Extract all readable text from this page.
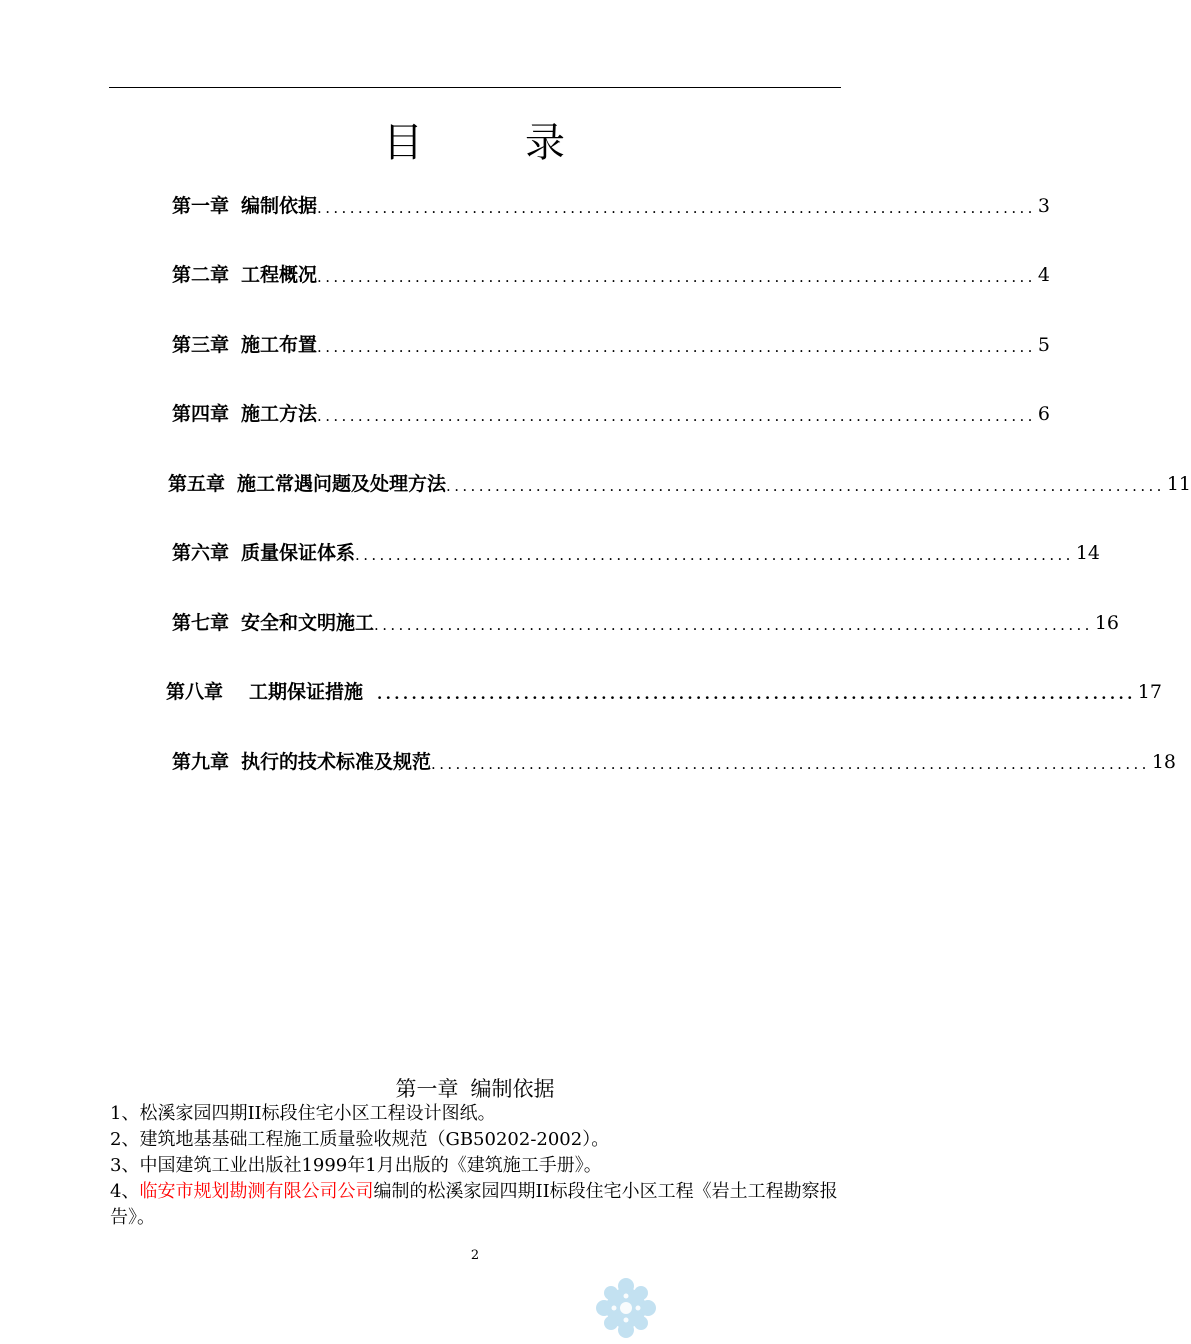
目	录
第一章 编制依据 ........................................................................................ 3
第二章 工程概况 ........................................................................................ 4
第三章 施工布置 ........................................................................................ 5
第四章 施工方法 ........................................................................................ 6
第五章 施工常遇问题及处理方法 ........................................................................................ 11
第六章 质量保证体系 ........................................................................................ 14
第七章 安全和文明施工 ........................................................................................ 16
第八章 工期保证措施 ........................................................................................ 17
第九章 执行的技术标准及规范 ........................................................................................ 18
第一章 编制依据
1、松溪家园四期II标段住宅小区工程设计图纸。
2、建筑地基基础工程施工质量验收规范（GB50202-2002）。
3、中国建筑工业出版社1999年1月出版的《建筑施工手册》。
4、临安市规划勘测有限公司公司编制的松溪家园四期II标段住宅小区工程《岩土工程勘察报告》。
2
